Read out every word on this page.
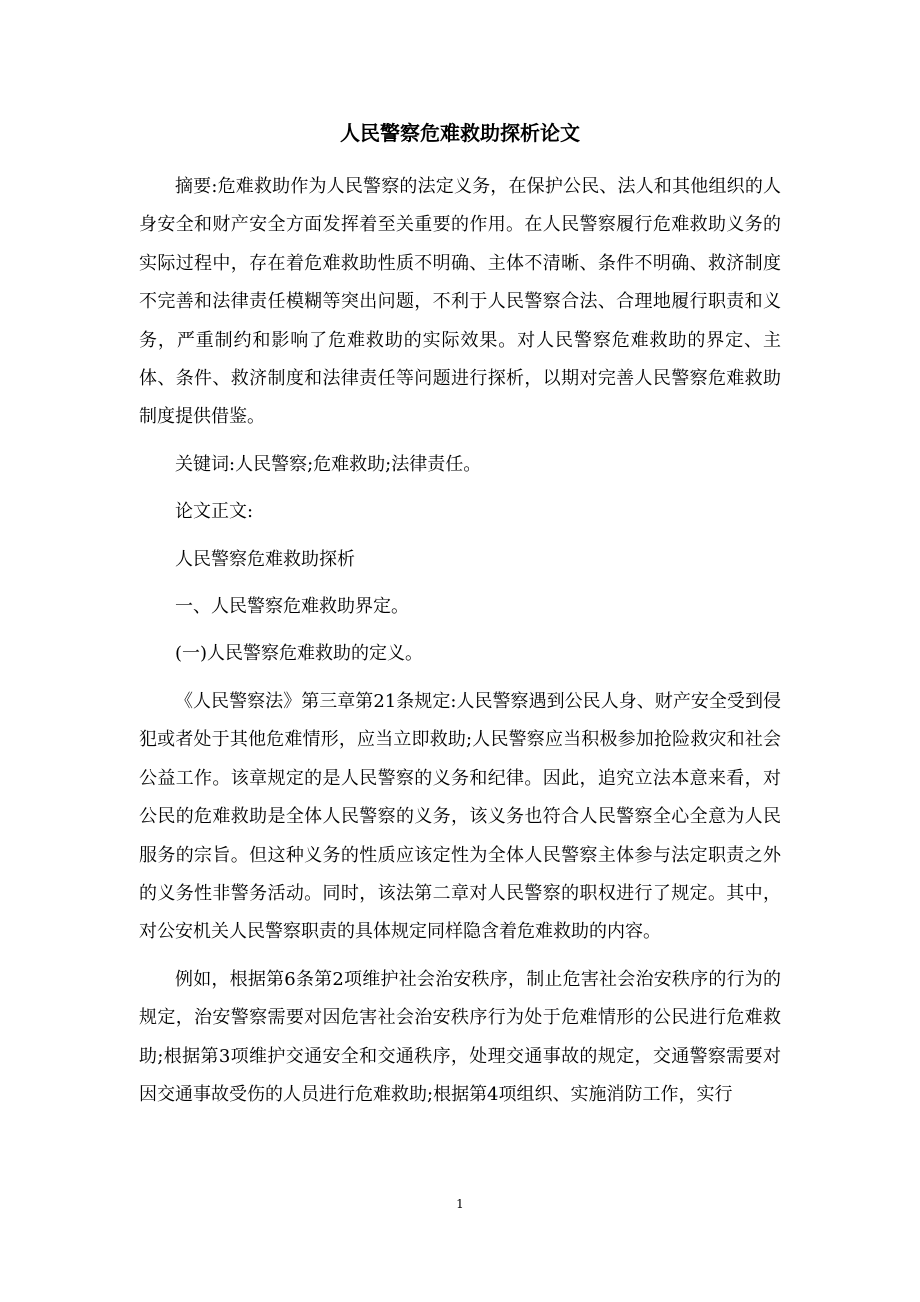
人民警察危难救助探析论文

摘要:危难救助作为人民警察的法定义务，在保护公民、法人和其他组织的人身安全和财产安全方面发挥着至关重要的作用。在人民警察履行危难救助义务的实际过程中，存在着危难救助性质不明确、主体不清晰、条件不明确、救济制度不完善和法律责任模糊等突出问题，不利于人民警察合法、合理地履行职责和义务，严重制约和影响了危难救助的实际效果。对人民警察危难救助的界定、主体、条件、救济制度和法律责任等问题进行探析，以期对完善人民警察危难救助制度提供借鉴。

关键词:人民警察;危难救助;法律责任。

论文正文:

人民警察危难救助探析

一、人民警察危难救助界定。

(一)人民警察危难救助的定义。

《人民警察法》第三章第21条规定:人民警察遇到公民人身、财产安全受到侵犯或者处于其他危难情形，应当立即救助;人民警察应当积极参加抢险救灾和社会公益工作。该章规定的是人民警察的义务和纪律。因此，追究立法本意来看，对公民的危难救助是全体人民警察的义务，该义务也符合人民警察全心全意为人民服务的宗旨。但这种义务的性质应该定性为全体人民警察主体参与法定职责之外的义务性非警务活动。同时，该法第二章对人民警察的职权进行了规定。其中，对公安机关人民警察职责的具体规定同样隐含着危难救助的内容。

例如，根据第6条第2项维护社会治安秩序，制止危害社会治安秩序的行为的规定，治安警察需要对因危害社会治安秩序行为处于危难情形的公民进行危难救助;根据第3项维护交通安全和交通秩序，处理交通事故的规定，交通警察需要对因交通事故受伤的人员进行危难救助;根据第4项组织、实施消防工作，实行

1
